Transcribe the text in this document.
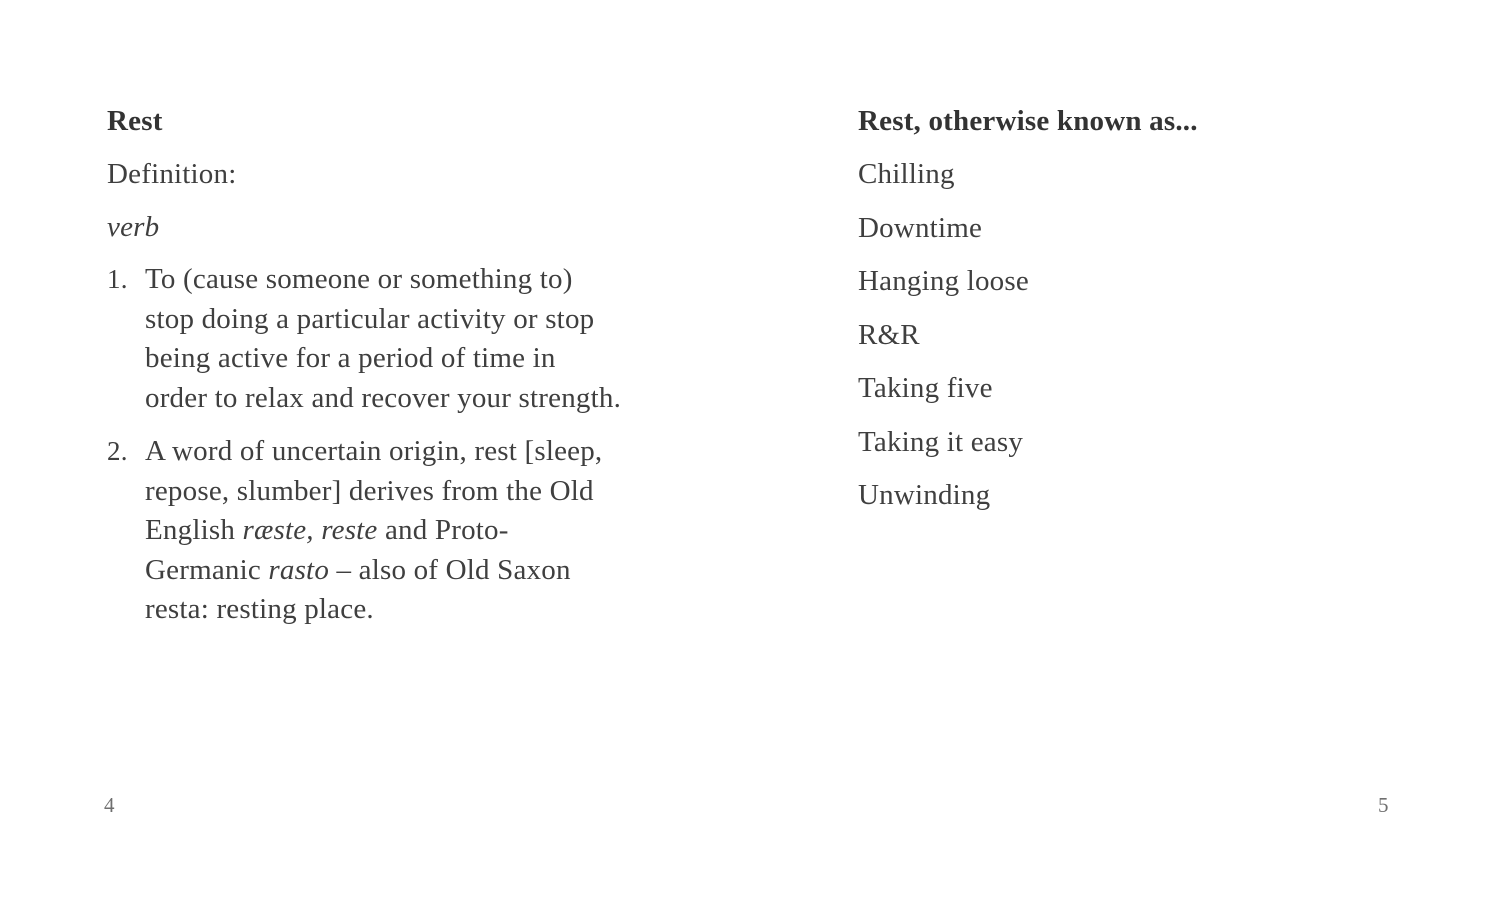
Rest

Definition:

verb

1. To (cause someone or something to) stop doing a particular activity or stop being active for a period of time in order to relax and recover your strength.
2. A word of uncertain origin, rest [sleep, repose, slumber] derives from the Old English ræste, reste and Proto-Germanic rasto – also of Old Saxon resta: resting place.
Rest, otherwise known as...
Chilling
Downtime
Hanging loose
R&R
Taking five
Taking it easy
Unwinding
4	5
